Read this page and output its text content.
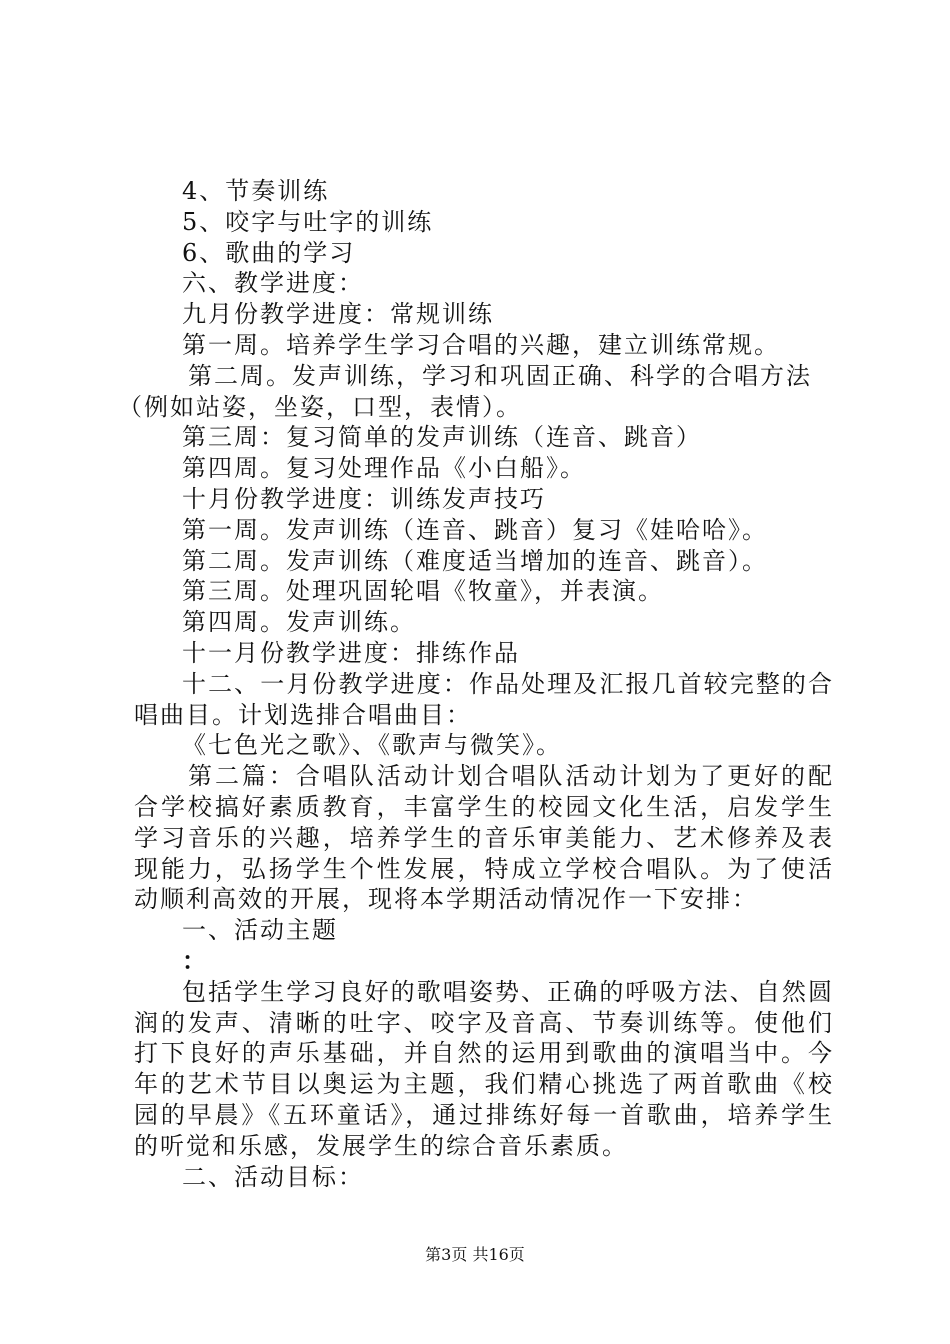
4、节奏训练

5、咬字与吐字的训练

6、歌曲的学习

六、教学进度：

九月份教学进度：常规训练

第一周。培养学生学习合唱的兴趣，建立训练常规。

第二周。发声训练，学习和巩固正确、科学的合唱方法（例如站姿，坐姿，口型，表情）。

第三周：复习简单的发声训练（连音、跳音）

第四周。复习处理作品《小白船》。

十月份教学进度：训练发声技巧

第一周。发声训练（连音、跳音）复习《娃哈哈》。

第二周。发声训练（难度适当增加的连音、跳音）。

第三周。处理巩固轮唱《牧童》，并表演。

第四周。发声训练。

十一月份教学进度：排练作品

十二、一月份教学进度：作品处理及汇报几首较完整的合唱曲目。计划选排合唱曲目：

《七色光之歌》、《歌声与微笑》。

第二篇：合唱队活动计划合唱队活动计划为了更好的配合学校搞好素质教育，丰富学生的校园文化生活，启发学生学习音乐的兴趣，培养学生的音乐审美能力、艺术修养及表现能力，弘扬学生个性发展，特成立学校合唱队。为了使活动顺利高效的开展，现将本学期活动情况作一下安排：

一、活动主题

：

包括学生学习良好的歌唱姿势、正确的呼吸方法、自然圆润的发声、清晰的吐字、咬字及音高、节奏训练等。使他们打下良好的声乐基础，并自然的运用到歌曲的演唱当中。今年的艺术节目以奥运为主题，我们精心挑选了两首歌曲《校园的早晨》《五环童话》，通过排练好每一首歌曲，培养学生的听觉和乐感，发展学生的综合音乐素质。

二、活动目标：

第3页 共16页
